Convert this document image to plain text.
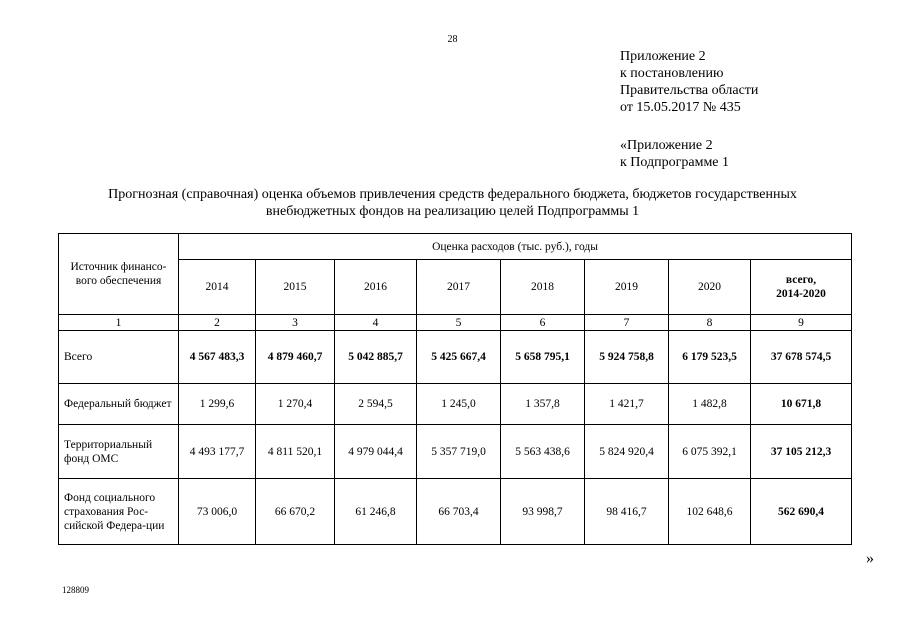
28
Приложение 2
к постановлению
Правительства области
от 15.05.2017 № 435
«Приложение 2
к Подпрограмме 1
Прогнозная (справочная) оценка объемов привлечения средств федерального бюджета, бюджетов государственных
внебюджетных фондов на реализацию целей Подпрограммы 1
Источник финансо-вого обеспечения	Оценка расходов (тыс. руб.), годы							
	2014	2015	2016	2017	2018	2019	2020	всего,
2014-2020

1	2	3	4	5	6	7	8	9
Всего	4 567 483,3	4 879 460,7	5 042 885,7	5 425 667,4	5 658 795,1	5 924 758,8	6 179 523,5	37 678 574,5
Федеральный бюджет	1 299,6	1 270,4	2 594,5	1 245,0	1 357,8	1 421,7	1 482,8	10 671,8
Территориальный фонд ОМС	4 493 177,7	4 811 520,1	4 979 044,4	5 357 719,0	5 563 438,6	5 824 920,4	6 075 392,1	37 105 212,3
Фонд социального страхования Рос-сийской Федера-ции	73 006,0	66 670,2	61 246,8	66 703,4	93 998,7	98 416,7	102 648,6	562 690,4
»
128809
